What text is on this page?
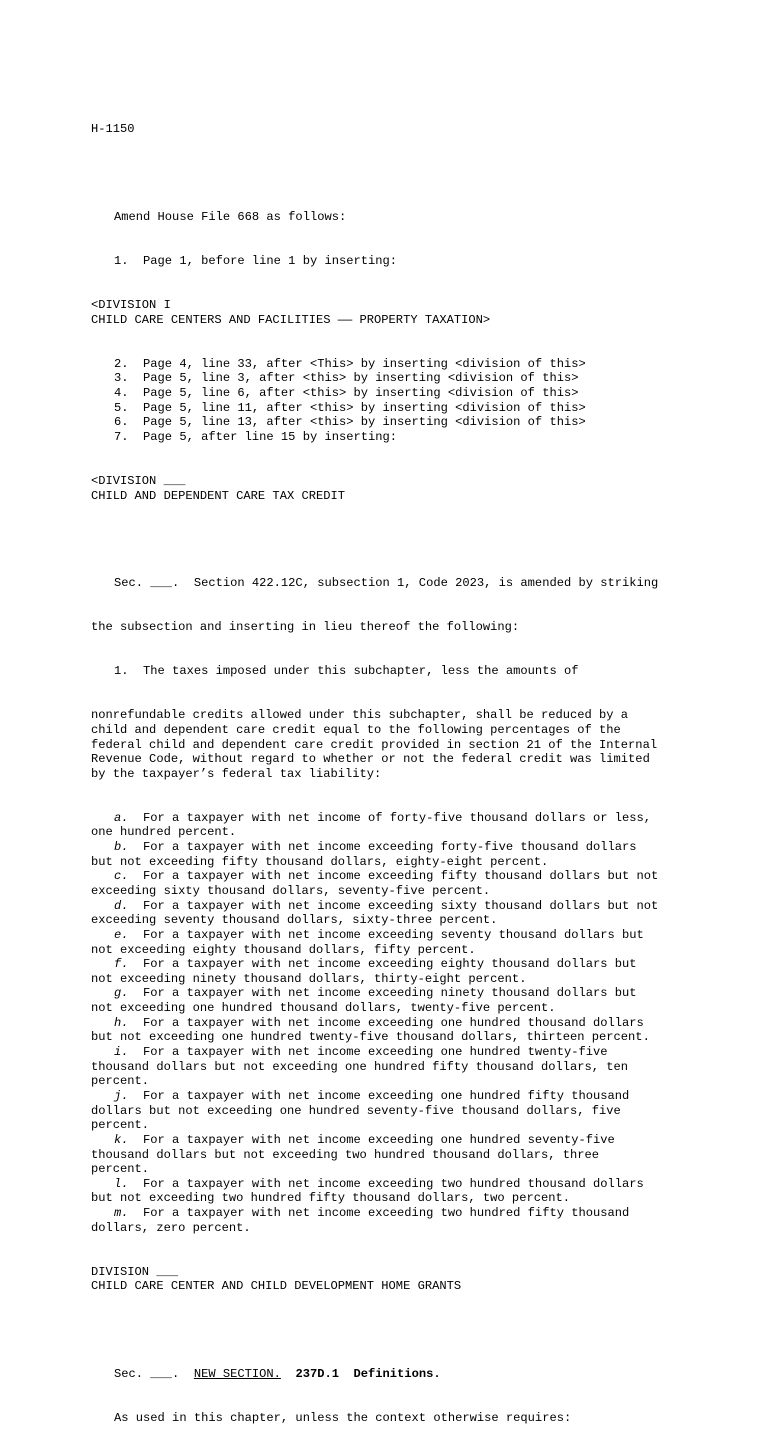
H-1150

Amend House File 668 as follows:

1.  Page 1, before line 1 by inserting:

<DIVISION I
CHILD CARE CENTERS AND FACILITIES —— PROPERTY TAXATION>

2.  Page 4, line 33, after <This> by inserting <division of this>
3.  Page 5, line 3, after <this> by inserting <division of this>
4.  Page 5, line 6, after <this> by inserting <division of this>
5.  Page 5, line 11, after <this> by inserting <division of this>
6.  Page 5, line 13, after <this> by inserting <division of this>
7.  Page 5, after line 15 by inserting:

<DIVISION ___
CHILD AND DEPENDENT CARE TAX CREDIT

Sec. ___.  Section 422.12C, subsection 1, Code 2023, is amended by striking

the subsection and inserting in lieu thereof the following:

1.  The taxes imposed under this subchapter, less the amounts of

nonrefundable credits allowed under this subchapter, shall be reduced by a
child and dependent care credit equal to the following percentages of the
federal child and dependent care credit provided in section 21 of the Internal
Revenue Code, without regard to whether or not the federal credit was limited
by the taxpayer’s federal tax liability:

a.  For a taxpayer with net income of forty-five thousand dollars or less,
one hundred percent.
b.  For a taxpayer with net income exceeding forty-five thousand dollars
but not exceeding fifty thousand dollars, eighty-eight percent.
c.  For a taxpayer with net income exceeding fifty thousand dollars but not
exceeding sixty thousand dollars, seventy-five percent.
d.  For a taxpayer with net income exceeding sixty thousand dollars but not
exceeding seventy thousand dollars, sixty-three percent.
e.  For a taxpayer with net income exceeding seventy thousand dollars but
not exceeding eighty thousand dollars, fifty percent.
f.  For a taxpayer with net income exceeding eighty thousand dollars but
not exceeding ninety thousand dollars, thirty-eight percent.
g.  For a taxpayer with net income exceeding ninety thousand dollars but
not exceeding one hundred thousand dollars, twenty-five percent.
h.  For a taxpayer with net income exceeding one hundred thousand dollars
but not exceeding one hundred twenty-five thousand dollars, thirteen percent.
i.  For a taxpayer with net income exceeding one hundred twenty-five
thousand dollars but not exceeding one hundred fifty thousand dollars, ten
percent.
j.  For a taxpayer with net income exceeding one hundred fifty thousand
dollars but not exceeding one hundred seventy-five thousand dollars, five
percent.
k.  For a taxpayer with net income exceeding one hundred seventy-five
thousand dollars but not exceeding two hundred thousand dollars, three
percent.
l.  For a taxpayer with net income exceeding two hundred thousand dollars
but not exceeding two hundred fifty thousand dollars, two percent.
m.  For a taxpayer with net income exceeding two hundred fifty thousand
dollars, zero percent.

DIVISION ___
CHILD CARE CENTER AND CHILD DEVELOPMENT HOME GRANTS

Sec. ___.  NEW SECTION. 237D.1  Definitions.

As used in this chapter, unless the context otherwise requires:
